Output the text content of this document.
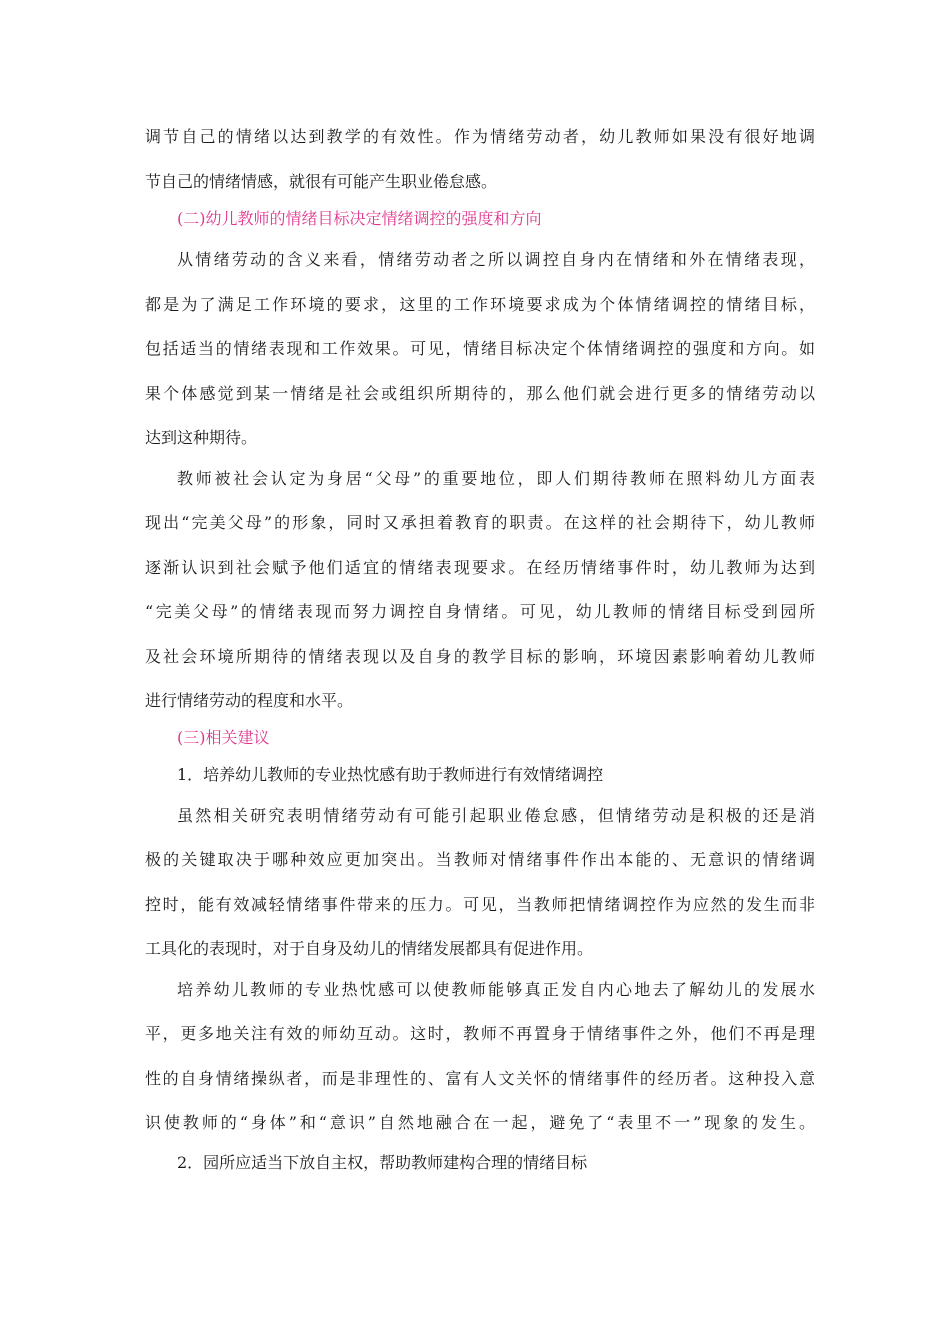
调节自己的情绪以达到教学的有效性。作为情绪劳动者，幼儿教师如果没有很好地调
节自己的情绪情感，就很有可能产生职业倦怠感。
(二)幼儿教师的情绪目标决定情绪调控的强度和方向
从情绪劳动的含义来看，情绪劳动者之所以调控自身内在情绪和外在情绪表现，
都是为了满足工作环境的要求，这里的工作环境要求成为个体情绪调控的情绪目标，
包括适当的情绪表现和工作效果。可见，情绪目标决定个体情绪调控的强度和方向。如
果个体感觉到某一情绪是社会或组织所期待的，那么他们就会进行更多的情绪劳动以
达到这种期待。
教师被社会认定为身居“父母”的重要地位，即人们期待教师在照料幼儿方面表
现出“完美父母”的形象，同时又承担着教育的职责。在这样的社会期待下，幼儿教师
逐渐认识到社会赋予他们适宜的情绪表现要求。在经历情绪事件时，幼儿教师为达到
“完美父母”的情绪表现而努力调控自身情绪。可见，幼儿教师的情绪目标受到园所
及社会环境所期待的情绪表现以及自身的教学目标的影响，环境因素影响着幼儿教师
进行情绪劳动的程度和水平。
(三)相关建议
1．培养幼儿教师的专业热忱感有助于教师进行有效情绪调控
虽然相关研究表明情绪劳动有可能引起职业倦怠感，但情绪劳动是积极的还是消
极的关键取决于哪种效应更加突出。当教师对情绪事件作出本能的、无意识的情绪调
控时，能有效减轻情绪事件带来的压力。可见，当教师把情绪调控作为应然的发生而非
工具化的表现时，对于自身及幼儿的情绪发展都具有促进作用。
培养幼儿教师的专业热忱感可以使教师能够真正发自内心地去了解幼儿的发展水
平，更多地关注有效的师幼互动。这时，教师不再置身于情绪事件之外，他们不再是理
性的自身情绪操纵者，而是非理性的、富有人文关怀的情绪事件的经历者。这种投入意
识使教师的“身体”和“意识”自然地融合在一起，避免了“表里不一”现象的发生。
2．园所应适当下放自主权，帮助教师建构合理的情绪目标
